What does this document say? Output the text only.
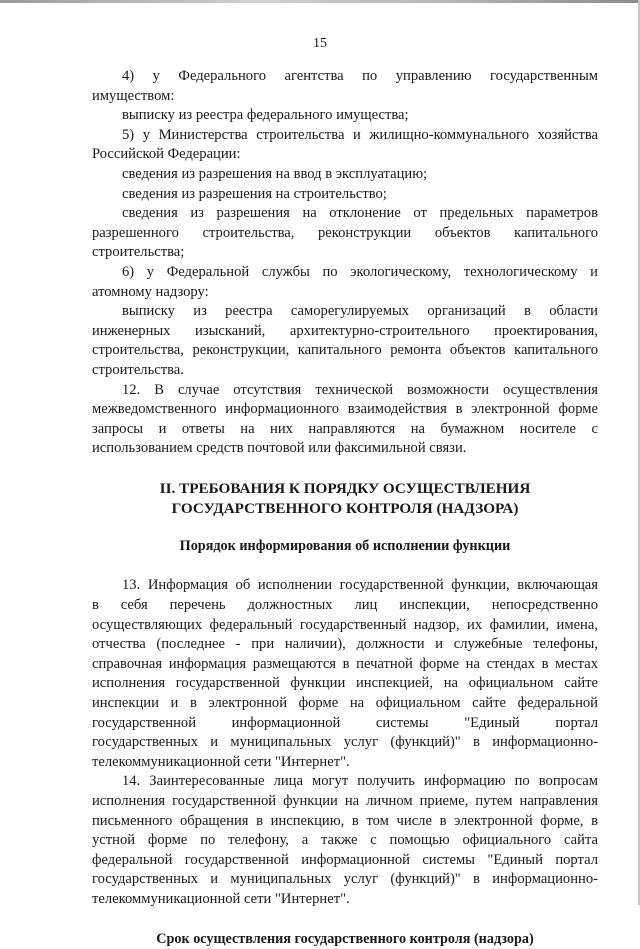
15
4) у Федерального агентства по управлению государственным
имуществом:
выписку из реестра федерального имущества;
5) у Министерства строительства и жилищно-коммунального хозяйства
Российской Федерации:
сведения из разрешения на ввод в эксплуатацию;
сведения из разрешения на строительство;
сведения из разрешения на отклонение от предельных параметров
разрешенного строительства, реконструкции объектов капитального
строительства;
6) у Федеральной службы по экологическому, технологическому и
атомному надзору:
выписку из реестра саморегулируемых организаций в области
инженерных изысканий, архитектурно-строительного проектирования,
строительства, реконструкции, капитального ремонта объектов капитального
строительства.
12. В случае отсутствия технической возможности осуществления
межведомственного информационного взаимодействия в электронной форме
запросы и ответы на них направляются на бумажном носителе с
использованием средств почтовой или факсимильной связи.
II. ТРЕБОВАНИЯ К ПОРЯДКУ ОСУЩЕСТВЛЕНИЯ
ГОСУДАРСТВЕННОГО КОНТРОЛЯ (НАДЗОРА)
Порядок информирования об исполнении функции
13. Информация об исполнении государственной функции, включающая
в себя перечень должностных лиц инспекции, непосредственно
осуществляющих федеральный государственный надзор, их фамилии, имена,
отчества (последнее - при наличии), должности и служебные телефоны,
справочная информация размещаются в печатной форме на стендах в местах
исполнения государственной функции инспекцией, на официальном сайте
инспекции и в электронной форме на официальном сайте федеральной
государственной информационной системы "Единый портал
государственных и муниципальных услуг (функций)" в информационно-
телекоммуникационной сети "Интернет".
14. Заинтересованные лица могут получить информацию по вопросам
исполнения государственной функции на личном приеме, путем направления
письменного обращения в инспекцию, в том числе в электронной форме, в
устной форме по телефону, а также с помощью официального сайта
федеральной государственной информационной системы "Единый портал
государственных и муниципальных услуг (функций)" в информационно-
телекоммуникационной сети "Интернет".
Срок осуществления государственного контроля (надзора)
